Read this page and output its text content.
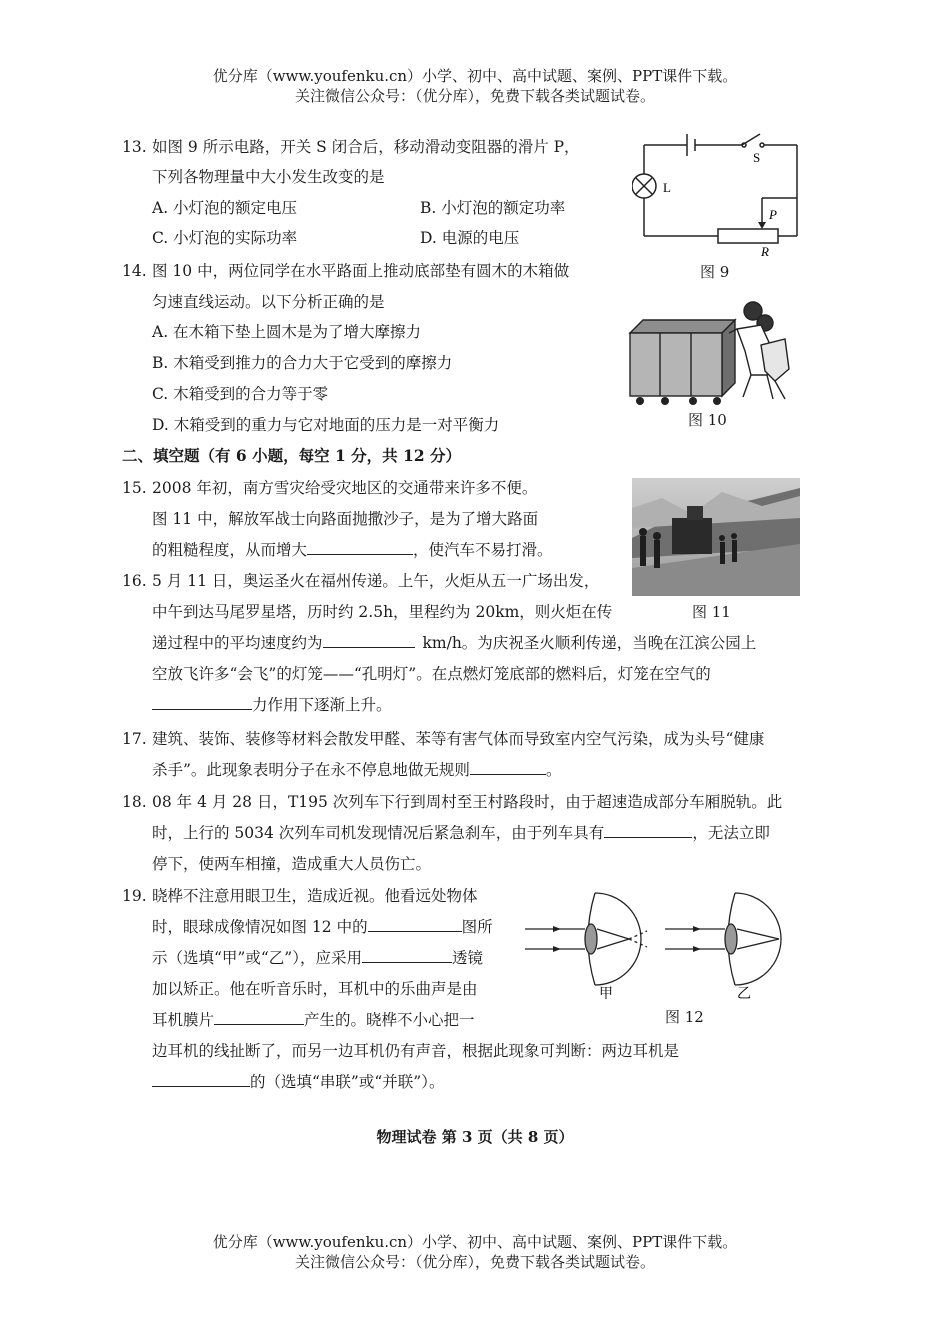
优分库（www.youfenku.cn）小学、初中、高中试题、案例、PPT课件下载。
关注微信公众号：（优分库），免费下载各类试题试卷。
13. 如图 9 所示电路，开关 S 闭合后，移动滑动变阻器的滑片 P，
下列各物理量中大小发生改变的是
A. 小灯泡的额定电压	B. 小灯泡的额定功率
C. 小灯泡的实际功率	D. 电源的电压
L
S
P
R
图 9
14. 图 10 中，两位同学在水平路面上推动底部垫有圆木的木箱做
匀速直线运动。以下分析正确的是
A. 在木箱下垫上圆木是为了增大摩擦力
B. 木箱受到推力的合力大于它受到的摩擦力
C. 木箱受到的合力等于零
D. 木箱受到的重力与它对地面的压力是一对平衡力	图 10
二、填空题（有 6 小题，每空 1 分，共 12 分）
15. 2008 年初，南方雪灾给受灾地区的交通带来许多不便。
图 11 中，解放军战士向路面抛撒沙子，是为了增大路面
的粗糙程度，从而增大	，使汽车不易打滑。
图 11
16. 5 月 11 日，奥运圣火在福州传递。上午，火炬从五一广场出发，
中午到达马尾罗星塔，历时约 2.5h，里程约为 20km，则火炬在传
递过程中的平均速度约为	km/h。为庆祝圣火顺利传递，当晚在江滨公园上
空放飞许多“会飞”的灯笼——“孔明灯”。在点燃灯笼底部的燃料后，灯笼在空气的
力作用下逐渐上升。
17. 建筑、装饰、装修等材料会散发甲醛、苯等有害气体而导致室内空气污染，成为头号“健康
杀手”。此现象表明分子在永不停息地做无规则	。
18. 08 年 4 月 28 日，T195 次列车下行到周村至王村路段时，由于超速造成部分车厢脱轨。此
时，上行的 5034 次列车司机发现情况后紧急刹车，由于列车具有	，无法立即
停下，使两车相撞，造成重大人员伤亡。
19. 晓桦不注意用眼卫生，造成近视。他看远处物体
时，眼球成像情况如图 12 中的	图所
示（选填“甲”或“乙”），应采用	透镜
加以矫正。他在听音乐时，耳机中的乐曲声是由
耳机膜片	产生的。晓桦不小心把一
边耳机的线扯断了，而另一边耳机仍有声音，根据此现象可判断：两边耳机是
的（选填“串联”或“并联”）。
甲	乙
图 12
物理试卷 第 3 页（共 8 页）
优分库（www.youfenku.cn）小学、初中、高中试题、案例、PPT课件下载。
关注微信公众号：（优分库），免费下载各类试题试卷。
